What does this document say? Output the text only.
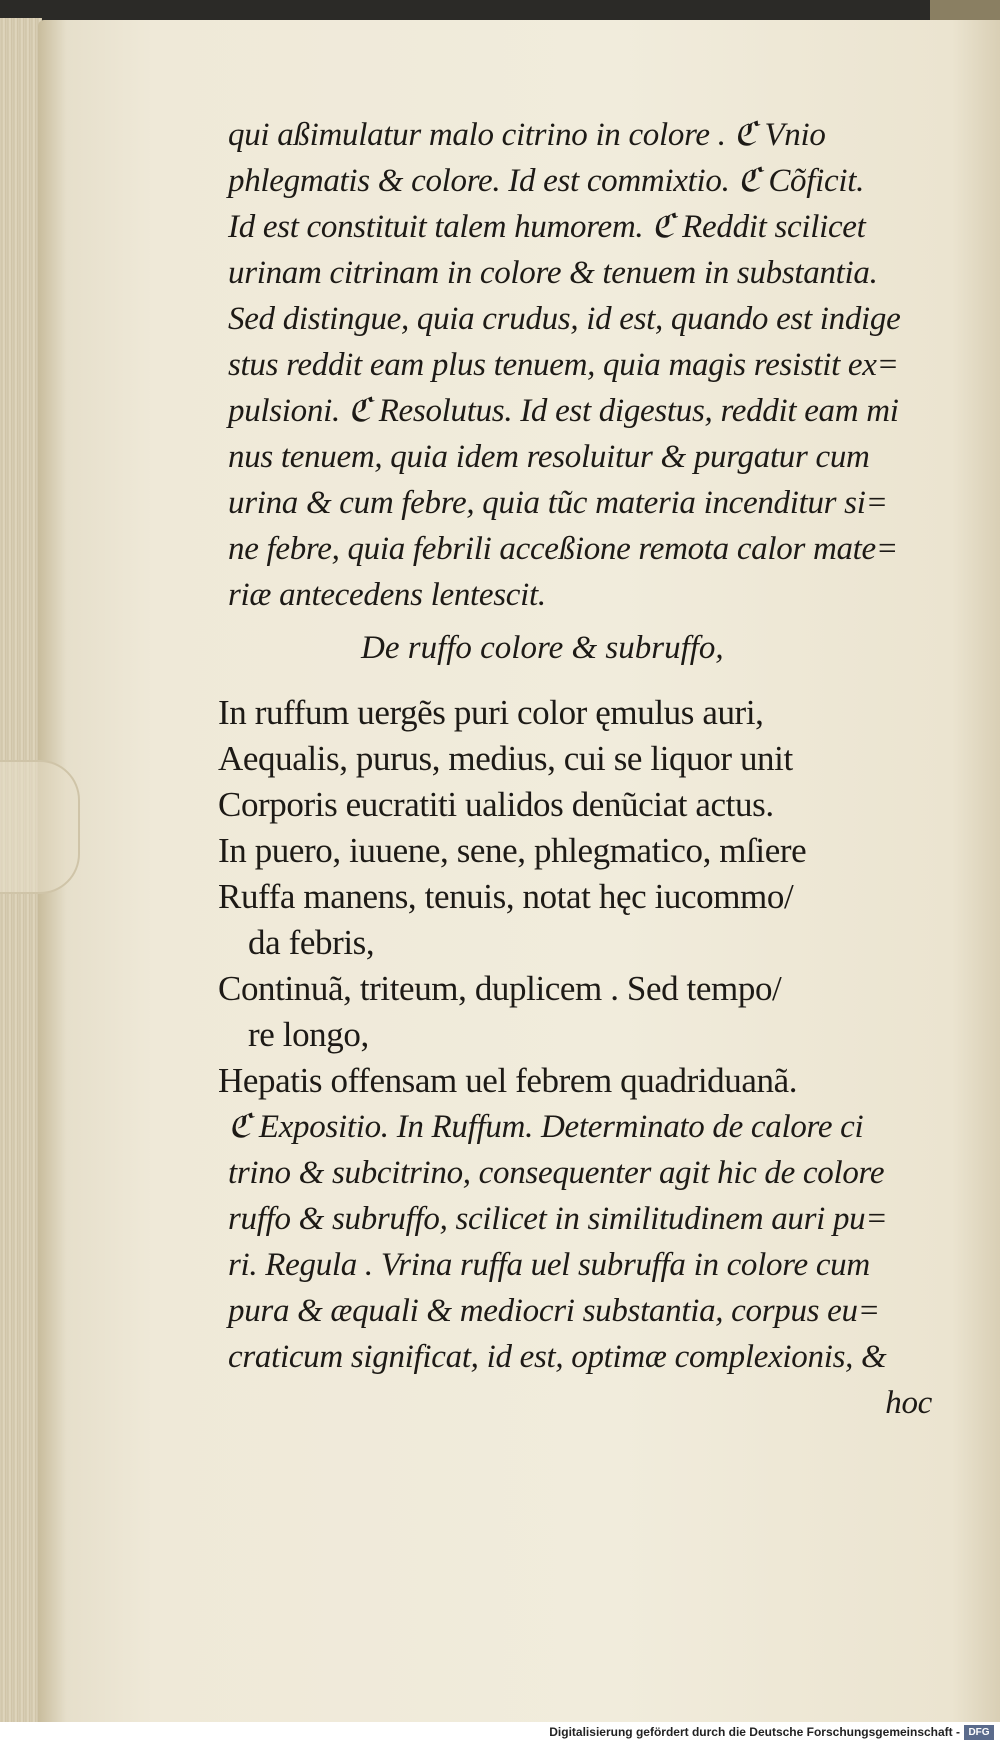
qui aßimulatur malo citrino in colore . ℭ Vnio
phlegmatis & colore. Id est commixtio. ℭ Cõficit.
Id est constituit talem humorem. ℭ Reddit scilicet
urinam citrinam in colore & tenuem in substantia.
Sed distingue, quia crudus, id est, quando est indige
stus reddit eam plus tenuem, quia magis resistit ex=
pulsioni. ℭ Resolutus. Id est digestus, reddit eam mi
nus tenuem, quia idem resoluitur & purgatur cum
urina & cum febre, quia tũc materia incenditur si=
ne febre, quia febrili acceßione remota calor mate=
riæ antecedens lentescit.
De ruffo colore & subruffo,
In ruffum uergẽs puri color ęmulus auri,
Aequalis, purus, medius, cui se liquor unit
Corporis eucratiti ualidos denũciat actus.
In puero, iuuene, sene, phlegmatico, mſiere
Ruffa manens, tenuis, notat hęc iucommo/
da febris,
Continuã, triteum, duplicem . Sed tempo/
re longo,
Hepatis offensam uel febrem quadriduanã.
ℭ Expositio. In Ruffum. Determinato de calore ci
trino & subcitrino, consequenter agit hic de colore
ruffo & subruffo, scilicet in similitudinem auri pu=
ri. Regula . Vrina ruffa uel subruffa in colore cum
pura & æquali & mediocri substantia, corpus eu=
craticum significat, id est, optimæ complexionis, &
hoc
Digitalisierung gefördert durch die Deutsche Forschungsgemeinschaft - DFG
